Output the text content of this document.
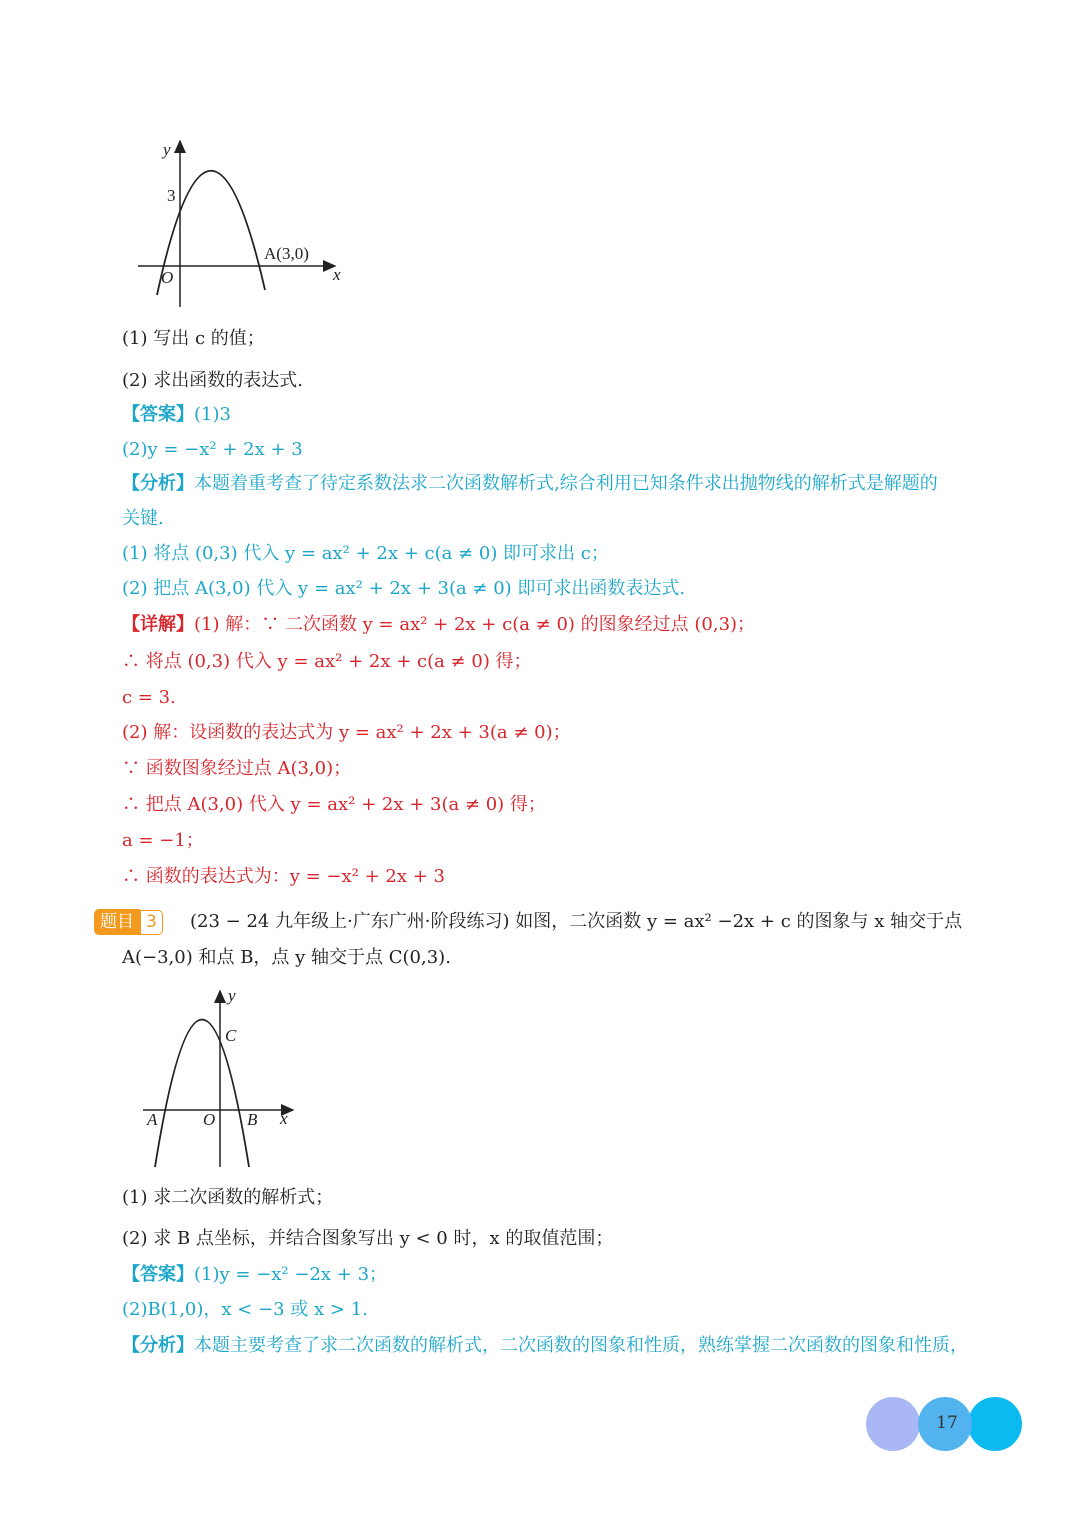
y
x
O
3
A(3,0)
(1) 写出 c 的值；
(2) 求出函数的表达式.
【答案】(1)3
(2)y = −x² + 2x + 3
【分析】本题着重考查了待定系数法求二次函数解析式,综合利用已知条件求出抛物线的解析式是解题的
关键.
(1) 将点 (0,3) 代入 y = ax² + 2x + c(a ≠ 0) 即可求出 c；
(2) 把点 A(3,0) 代入 y = ax² + 2x + 3(a ≠ 0) 即可求出函数表达式.
【详解】(1) 解：∵ 二次函数 y = ax² + 2x + c(a ≠ 0) 的图象经过点 (0,3)；
∴ 将点 (0,3) 代入 y = ax² + 2x + c(a ≠ 0) 得；
c = 3.
(2) 解：设函数的表达式为 y = ax² + 2x + 3(a ≠ 0)；
∵ 函数图象经过点 A(3,0)；
∴ 把点 A(3,0) 代入 y = ax² + 2x + 3(a ≠ 0) 得；
a = −1；
∴ 函数的表达式为：y = −x² + 2x + 3
题目 3	(23 − 24 九年级上·广东广州·阶段练习) 如图，二次函数 y = ax² −2x + c 的图象与 x 轴交于点
A(−3,0) 和点 B，点 y 轴交于点 C(0,3).
y
x
O
A	B
C
(1) 求二次函数的解析式；
(2) 求 B 点坐标，并结合图象写出 y < 0 时，x 的取值范围；
【答案】(1)y = −x² −2x + 3；
(2)B(1,0)，x < −3 或 x > 1.
【分析】本题主要考查了求二次函数的解析式，二次函数的图象和性质，熟练掌握二次函数的图象和性质，
17
